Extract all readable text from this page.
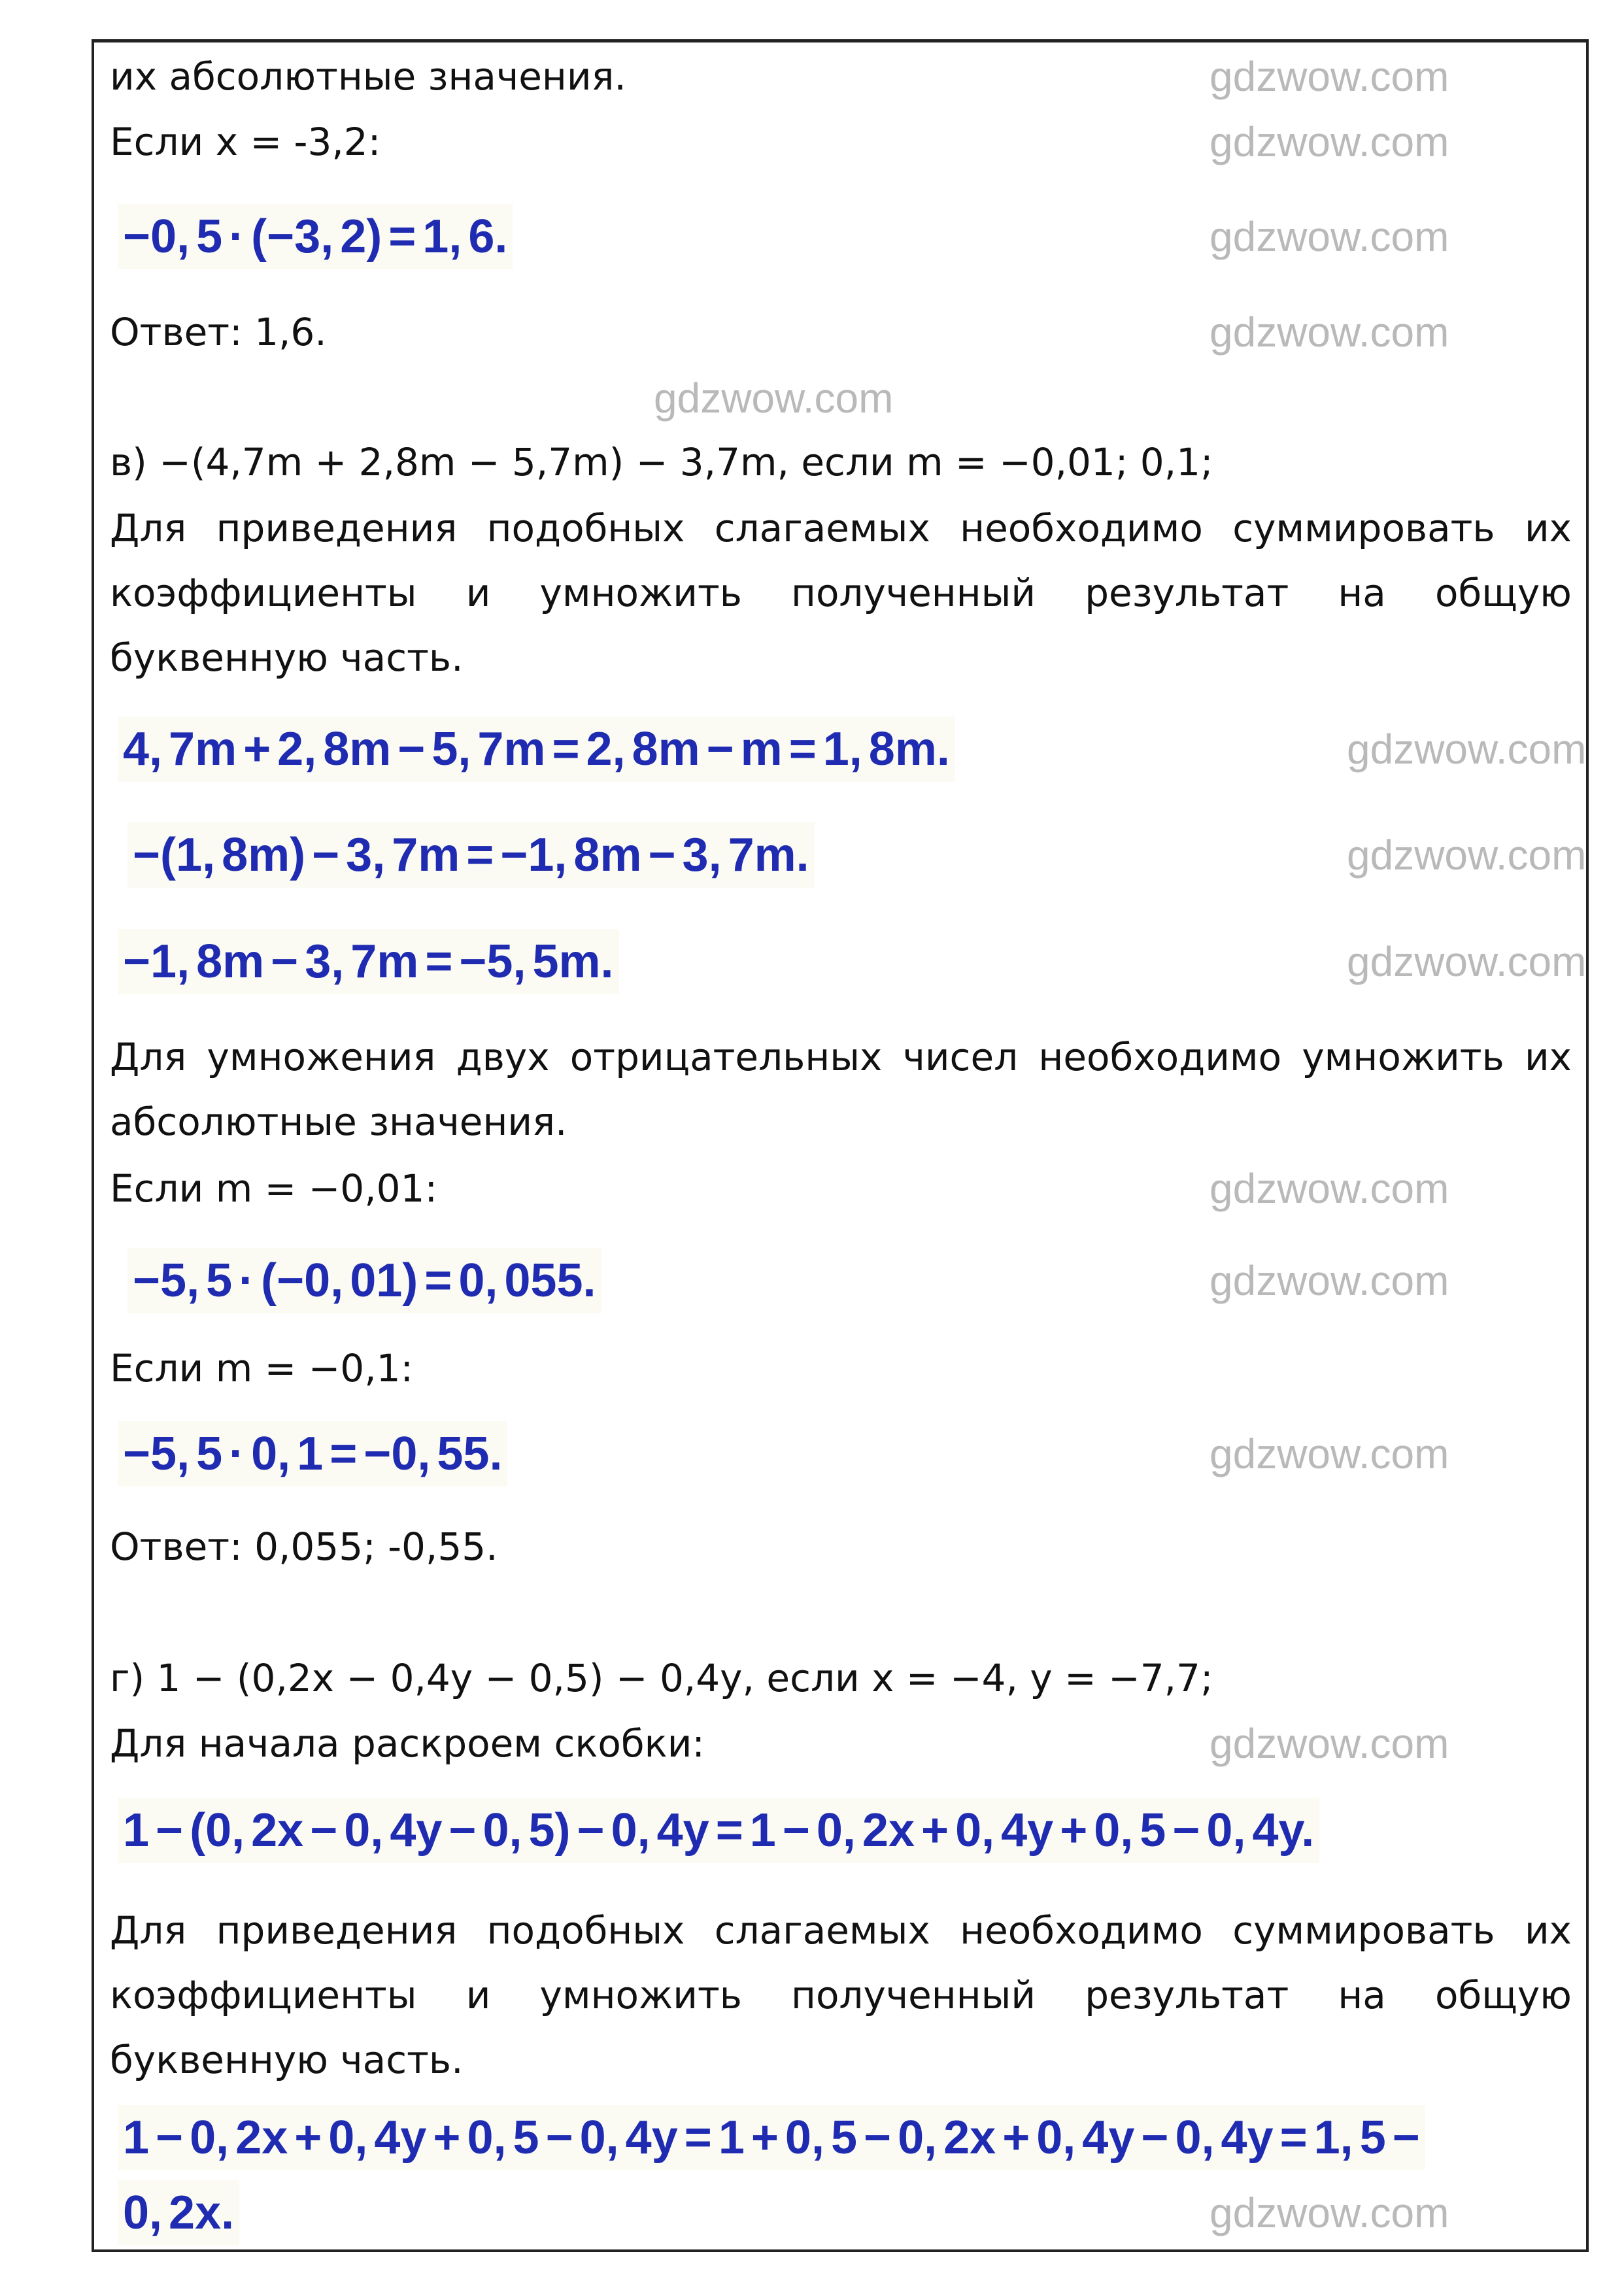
их абсолютные значения.
Если x = -3,2:
−0, 5 · (−3, 2) = 1, 6.
Ответ: 1,6.
в) −(4,7m + 2,8m − 5,7m) − 3,7m, если m = −0,01; 0,1;
Для приведения подобных слагаемых необходимо суммировать их коэффициенты и умножить полученный результат на общую буквенную часть.
4, 7m + 2, 8m − 5, 7m = 2, 8m − m = 1, 8m.
−(1, 8m) − 3, 7m = −1, 8m − 3, 7m.
−1, 8m − 3, 7m = −5, 5m.
Для умножения двух отрицательных чисел необходимо умножить их абсолютные значения.
Если m = −0,01:
−5, 5 · (−0, 01) = 0, 055.
Если m = −0,1:
−5, 5 · 0, 1 = −0, 55.
Ответ: 0,055; -0,55.
г) 1 − (0,2x − 0,4y − 0,5) − 0,4y, если x = −4, y = −7,7;
Для начала раскроем скобки:
1 − (0, 2x − 0, 4y − 0, 5) − 0, 4y = 1 − 0, 2x + 0, 4y + 0, 5 − 0, 4y.
Для приведения подобных слагаемых необходимо суммировать их коэффициенты и умножить полученный результат на общую буквенную часть.
1 − 0, 2x + 0, 4y + 0, 5 − 0, 4y = 1 + 0, 5 − 0, 2x + 0, 4y − 0, 4y = 1, 5 −
0, 2x.
gdzwow.com
gdzwow.com
gdzwow.com
gdzwow.com
gdzwow.com
gdzwow.com
gdzwow.com
gdzwow.com
gdzwow.com
gdzwow.com
gdzwow.com
gdzwow.com
gdzwow.com
